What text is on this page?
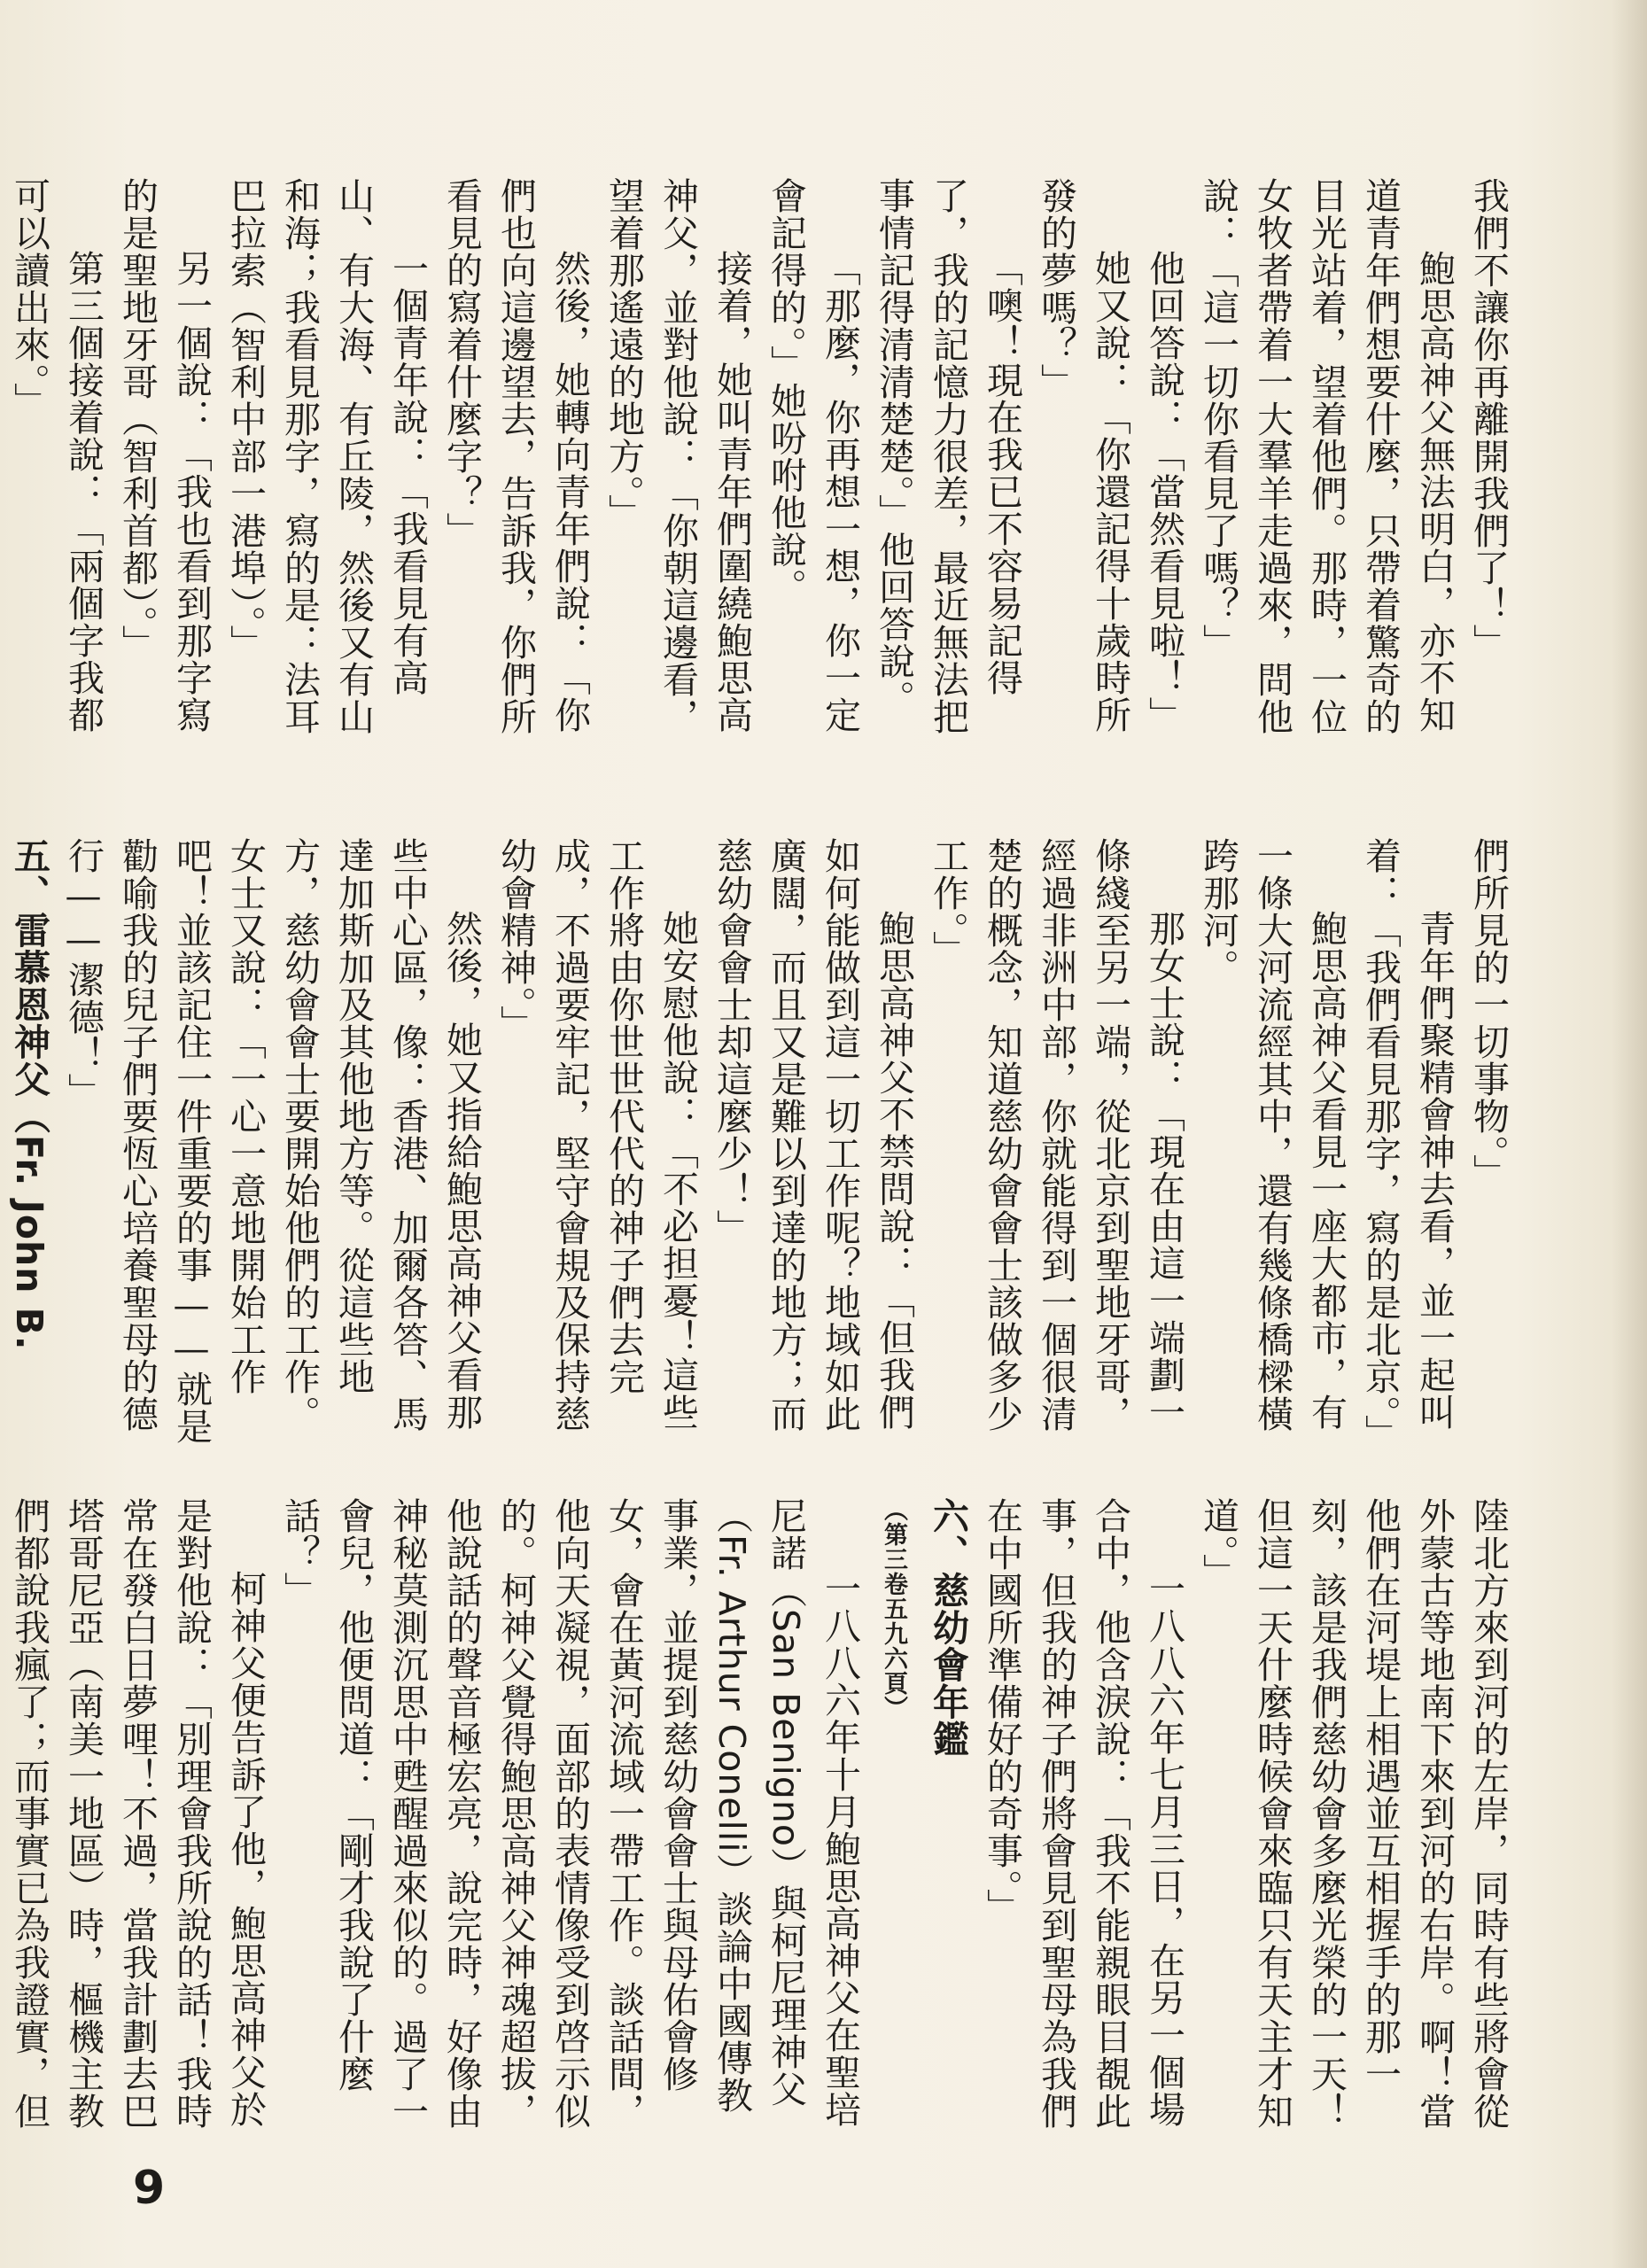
我們不讓你再離開我們了！」

鮑思高神父無法明白，亦不知道青年們想要什麼，只帶着驚奇的目光站着，望着他們。那時，一位女牧者帶着一大羣羊走過來，問他說：「這一切你看見了嗎？」

他回答說：「當然看見啦！」

她又說：「你還記得十歲時所發的夢嗎？」

「噢！現在我已不容易記得了，我的記憶力很差，最近無法把事情記得清清楚楚。」他回答說。

「那麼，你再想一想，你一定會記得的。」她吩咐他說。

接着，她叫青年們圍繞鮑思高神父，並對他說：「你朝這邊看，望着那遙遠的地方。」

然後，她轉向青年們說：「你們也向這邊望去，告訴我，你們所看見的寫着什麼字？」

一個青年說：「我看見有高山、有大海、有丘陵，然後又有山和海；我看見那字，寫的是：法耳巴拉索（智利中部一港埠）。」

另一個說：「我也看到那字寫的是聖地牙哥（智利首都）。」

第三個接着說：「兩個字我都可以讀出來。」

們所見的一切事物。」

青年們聚精會神去看，並一起叫着：「我們看見那字，寫的是北京。」

鮑思高神父看見一座大都市，有一條大河流經其中，還有幾條橋樑橫跨那河。

那女士說：「現在由這一端劃一條綫至另一端，從北京到聖地牙哥，經過非洲中部，你就能得到一個很清楚的概念，知道慈幼會會士該做多少工作。」

鮑思高神父不禁問說：「但我們如何能做到這一切工作呢？地域如此廣闊，而且又是難以到達的地方；而慈幼會會士却這麼少！」

她安慰他說：「不必担憂！這些工作將由你世世代代的神子們去完成，不過要牢記，堅守會規及保持慈幼會精神。」

然後，她又指給鮑思高神父看那些中心區，像：香港、加爾各答、馬達加斯加及其他地方等。從這些地方，慈幼會會士要開始他們的工作。女士又說：「一心一意地開始工作吧！並該記住一件重要的事——就是勸喻我的兒子們要恆心培養聖母的德行——潔德！」

五、雷慕恩神父（Fr. John B.

陸北方來到河的左岸，同時有些將會從外蒙古等地南下來到河的右岸。啊！當他們在河堤上相遇並互相握手的那一刻，該是我們慈幼會多麼光榮的一天！但這一天什麼時候會來臨只有天主才知道。」

一八八六年七月三日，在另一個場合中，他含淚說：「我不能親眼目覩此事，但我的神子們將會見到聖母為我們在中國所準備好的奇事。」

六、慈幼會年鑑

（第三卷五九六頁）

一八八六年十月鮑思高神父在聖培尼諾（San Benigno）與柯尼理神父（Fr. Arthur Conelli）談論中國傳教事業，並提到慈幼會會士與母佑會修女，會在黃河流域一帶工作。談話間，他向天凝視，面部的表情像受到啓示似的。柯神父覺得鮑思高神父神魂超拔，他說話的聲音極宏亮，說完時，好像由神秘莫測沉思中甦醒過來似的。過了一會兒，他便問道：「剛才我說了什麼話？」

柯神父便告訴了他，鮑思高神父於是對他說：「別理會我所說的話！我時常在發白日夢哩！不過，當我計劃去巴塔哥尼亞（南美一地區）時，樞機主教們都說我瘋了；而事實已為我證實，但

9
